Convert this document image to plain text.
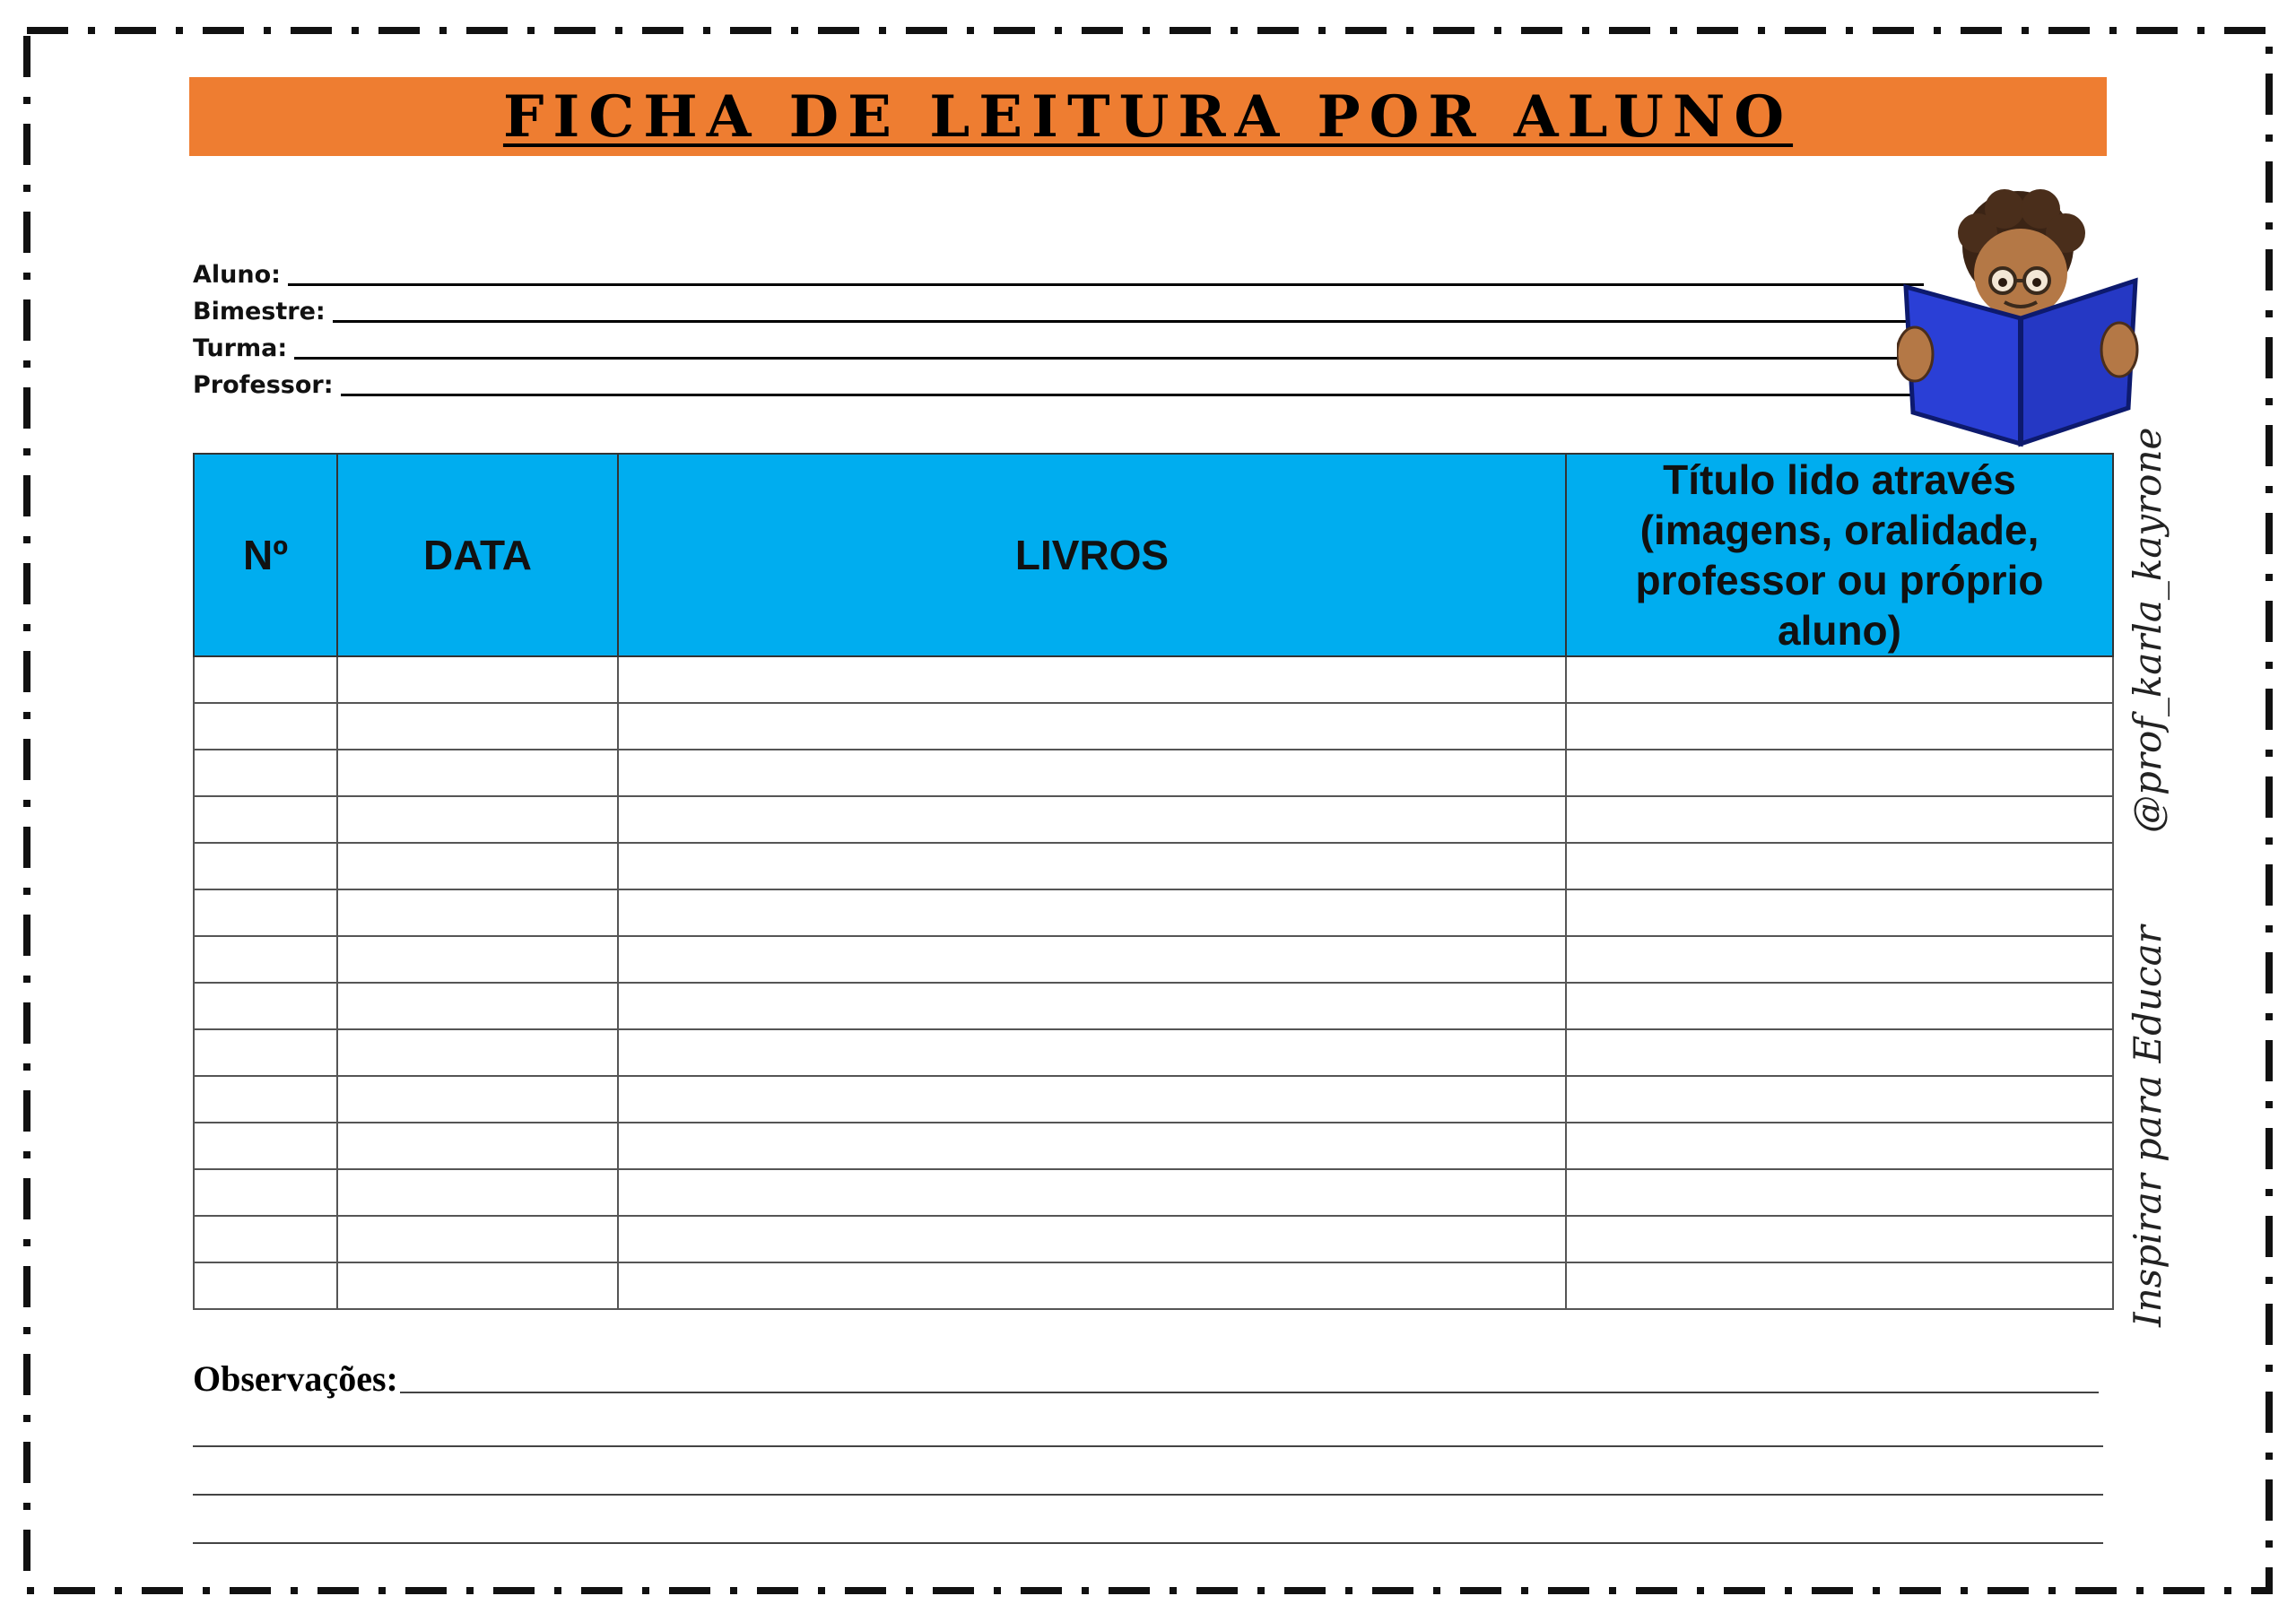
FICHA DE LEITURA POR ALUNO
Aluno:
Bimestre:
Turma:
Professor:
Nº	DATA	LIVROS	Título lido através (imagens, oralidade, professor ou próprio aluno)

Inspirar para Educar @prof_karla_kayrone
Observações:
